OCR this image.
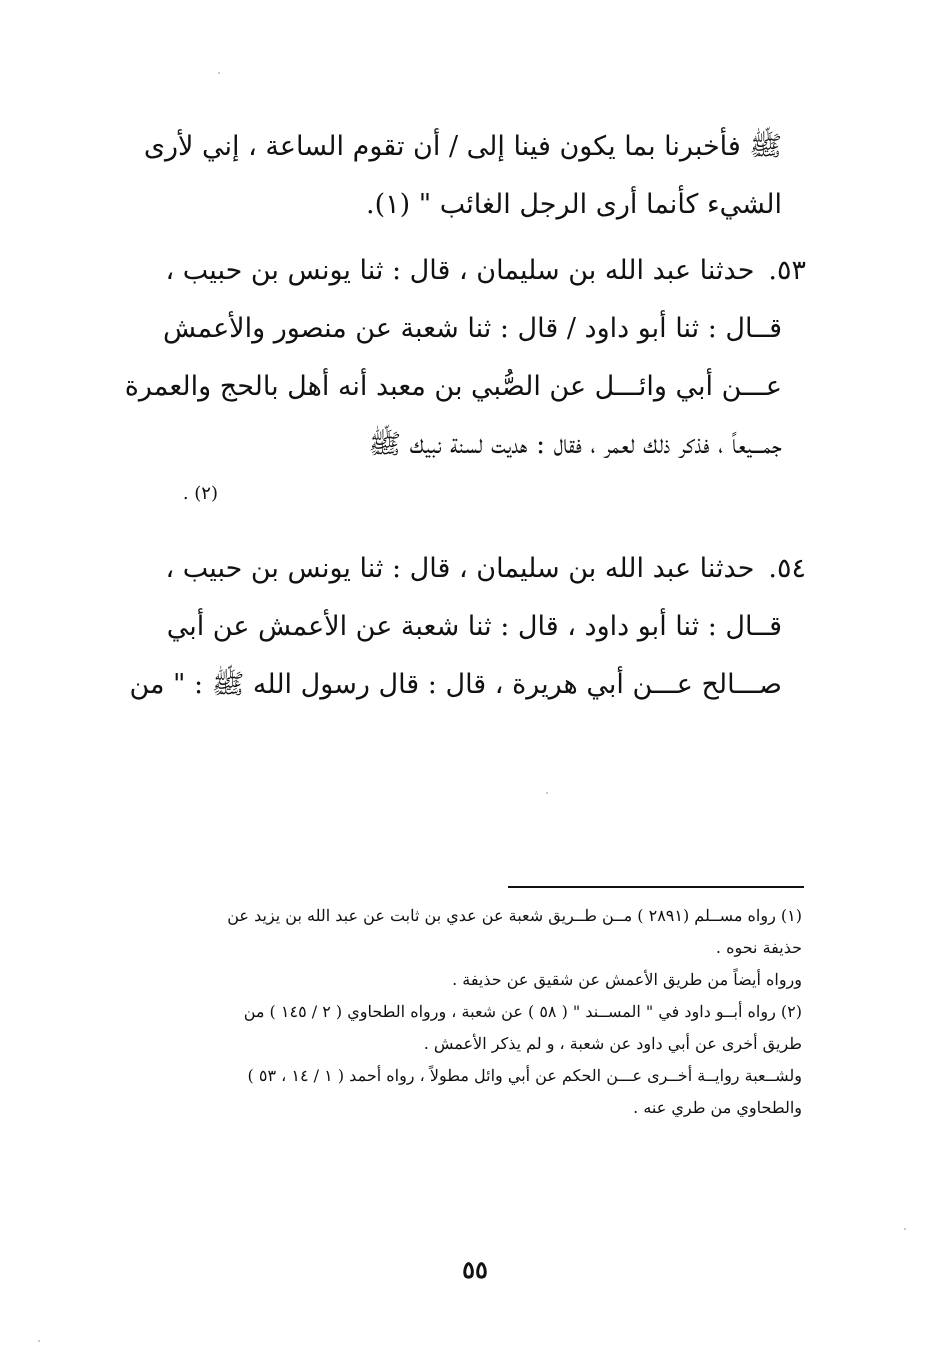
ﷺ فأخبرنا بما يكون فينا إلى / أن تقوم الساعة ، إني لأرى
الشيء كأنما أرى الرجل الغائب " (١).
٥٣.حدثنا عبد الله بن سليمان ، قال : ثنا يونس بن حبيب ،
قــال : ثنا أبو داود / قال : ثنا شعبة عن منصور والأعمش
عـــن أبي وائـــل عن الصُّبي بن معبد أنه أهل بالحج والعمرة
جمـــيعاً ، فذكر ذلك لعمر ، فقال : هديت لسنة نبيك ﷺ
(٢) .
٥٤.حدثنا عبد الله بن سليمان ، قال : ثنا يونس بن حبيب ،
قــال : ثنا أبو داود ، قال : ثنا شعبة عن الأعمش عن أبي
صـــالح عـــن أبي هريرة ، قال : قال رسول الله ﷺ : " من
(١) رواه مســلم (٢٨٩١ ) مــن طــريق شعبة عن عدي بن ثابت عن عبد الله بن يزيد عن
حذيفة نحوه .
ورواه أيضاً من طريق الأعمش عن شقيق عن حذيفة .
(٢) رواه أبــو داود في " المســند " ( ٥٨ ) عن شعبة ، ورواه الطحاوي ( ٢ / ١٤٥ ) من
طريق أخرى عن أبي داود عن شعبة ، و لم يذكر الأعمش .
ولشــعبة روايــة أخــرى عـــن الحكم عن أبي وائل مطولاً ، رواه أحمد ( ١ / ١٤ ، ٥٣ )
والطحاوي من طري عنه .
٥٥
